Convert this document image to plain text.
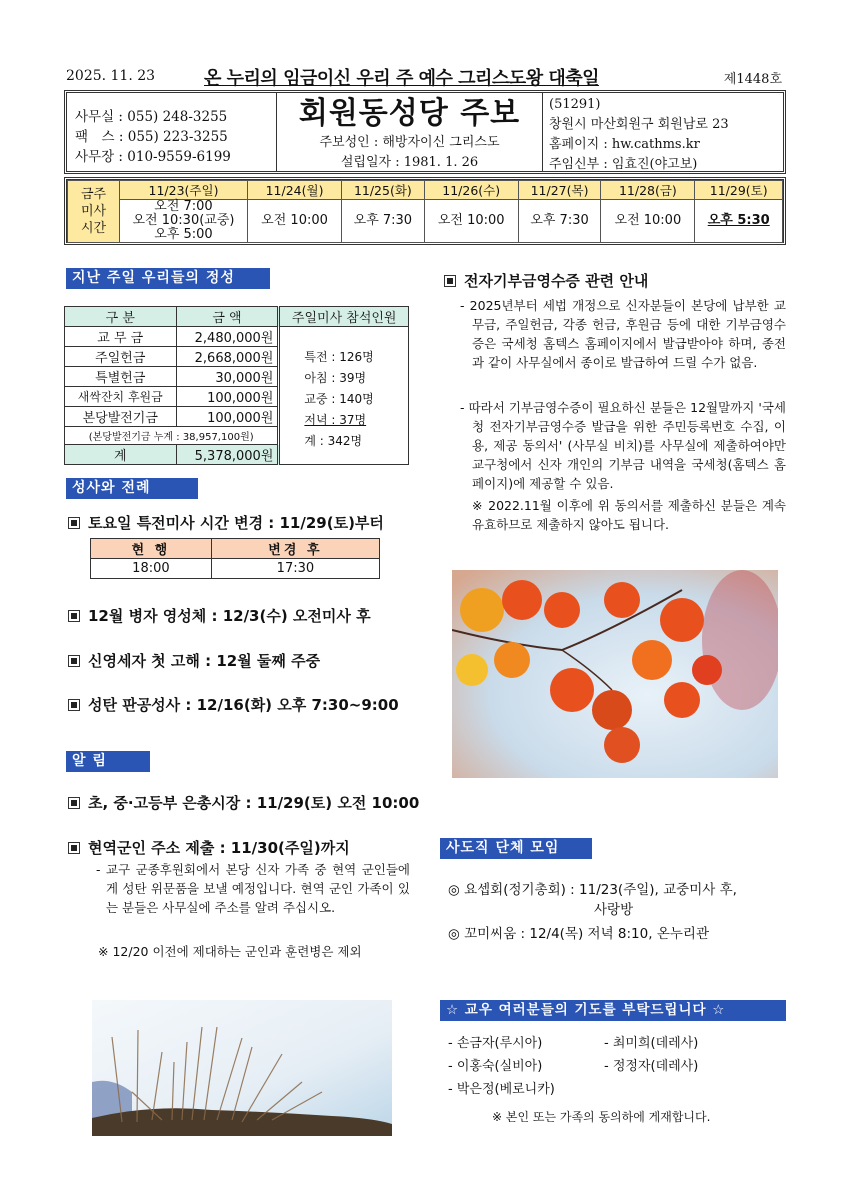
2025. 11. 23	온 누리의 임금이신 우리 주 예수 그리스도왕 대축일	제1448호
사무실 : 055) 248-3255
팩　스 : 055) 223-3255
사무장 : 010-9559-6199
회원동성당 주보
주보성인 : 해방자이신 그리스도
설립일자 : 1981. 1. 26
(51291)
창원시 마산회원구 회원남로 23
홈페이지 : hw.cathms.kr
주임신부 : 임효진(야고보)
금주
미사
시간	11/23(주일)	11/24(월)	11/25(화)	11/26(수)	11/27(목)	11/28(금)	11/29(토)

	오전 7:00
오전 10:30(교중)
오후 5:00	오전 10:00	오후 7:30	오전 10:00	오후 7:30	오전 10:00	오후 5:30
지난 주일 우리들의 정성
구 분	금 액	주일미사 참석인원
교 무 금	2,480,000원	특전 : 126명
아침 : 39명
교중 : 140명
저녁 : 37명
계 : 342명

주일헌금	2,668,000원	
특별헌금	30,000원	
새싹잔치 후원금	100,000원	
본당발전기금	100,000원	
(본당발전기금 누계 : 38,957,100원)		
계	5,378,000원	
성사와 전례
토요일 특전미사 시간 변경 : 11/29(토)부터
현 행	변경 후
18:00	17:30
12월 병자 영성체 : 12/3(수) 오전미사 후
신영세자 첫 고해 : 12월 둘째 주중
성탄 판공성사 : 12/16(화) 오후 7:30~9:00
알 림
초, 중·고등부 은총시장 : 11/29(토) 오전 10:00
현역군인 주소 제출 : 11/30(주일)까지
- 교구 군종후원회에서 본당 신자 가족 중 현역 군인들에게 성탄 위문품을 보낼 예정입니다. 현역 군인 가족이 있는 분들은 사무실에 주소를 알려 주십시오.
※ 12/20 이전에 제대하는 군인과 훈련병은 제외
전자기부금영수증 관련 안내
- 2025년부터 세법 개정으로 신자분들이 본당에 납부한 교무금, 주일헌금, 각종 헌금, 후원금 등에 대한 기부금영수증은 국세청 홈텍스 홈페이지에서 발급받아야 하며, 종전과 같이 사무실에서 종이로 발급하여 드릴 수가 없음.
- 따라서 기부금영수증이 필요하신 분들은 12월말까지 '국세청 전자기부금영수증 발급을 위한 주민등록번호 수집, 이용, 제공 동의서' (사무실 비치)를 사무실에 제출하여야만 교구청에서 신자 개인의 기부금 내역을 국세청(홈텍스 홈페이지)에 제공할 수 있음.
※ 2022.11월 이후에 위 동의서를 제출하신 분들은 계속 유효하므로 제출하지 않아도 됩니다.
사도직 단체 모임
◎ 요셉회(정기총회) : 11/23(주일), 교중미사 후,
사랑방
◎ 꼬미씨움 : 12/4(목) 저녁 8:10, 온누리관
☆ 교우 여러분들의 기도를 부탁드립니다 ☆
- 손금자(루시아)	- 최미희(데레사)
- 이홍숙(실비아)	- 정정자(데레사)
- 박은정(베로니카)
※ 본인 또는 가족의 동의하에 게재합니다.
